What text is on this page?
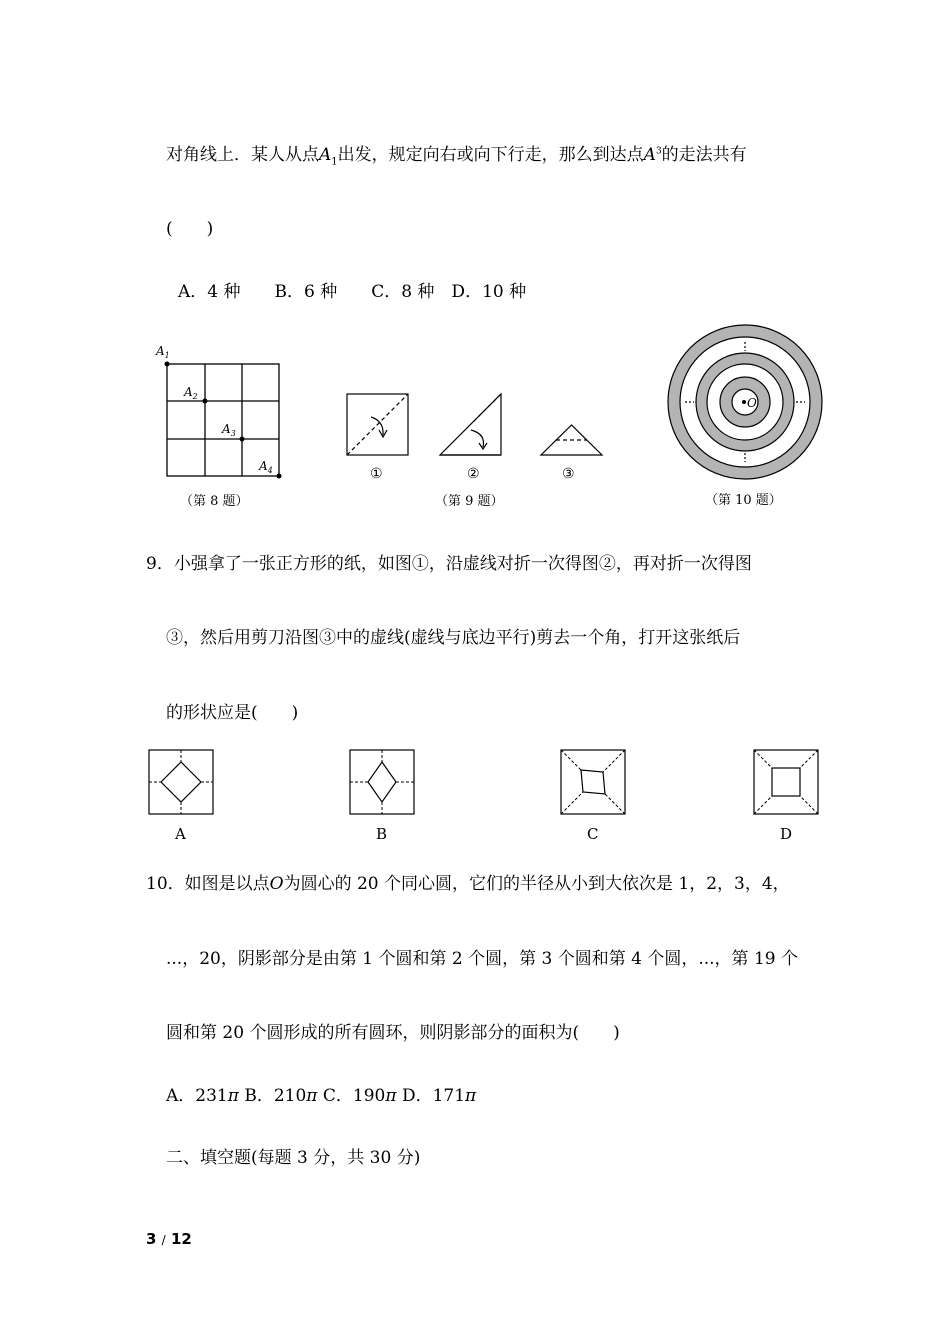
对角线上．某人从点$A_1$出发，规定向右或向下行走，那么到达点$A^3$的走法共有
(　　)
A．4 种　　B．6 种　　C．8 种　D．10 种
$A_1$
$A_2$
$A_3$
$A_4$
（第 8 题）
①	②	③
（第 9 题）
O
（第 10 题）
9．小强拿了一张正方形的纸，如图①，沿虚线对折一次得图②，再对折一次得图
③，然后用剪刀沿图③中的虚线(虚线与底边平行)剪去一个角，打开这张纸后
的形状应是(　　)
A	B	C	D
10．如图是以点O为圆心的 20 个同心圆，它们的半径从小到大依次是 1，2，3，4，
...，20，阴影部分是由第 1 个圆和第 2 个圆，第 3 个圆和第 4 个圆，...，第 19 个
圆和第 20 个圆形成的所有圆环，则阴影部分的面积为(　　)
A．231π B．210π C．190π D．171π
二、填空题(每题 3 分，共 30 分)
3 / 12
